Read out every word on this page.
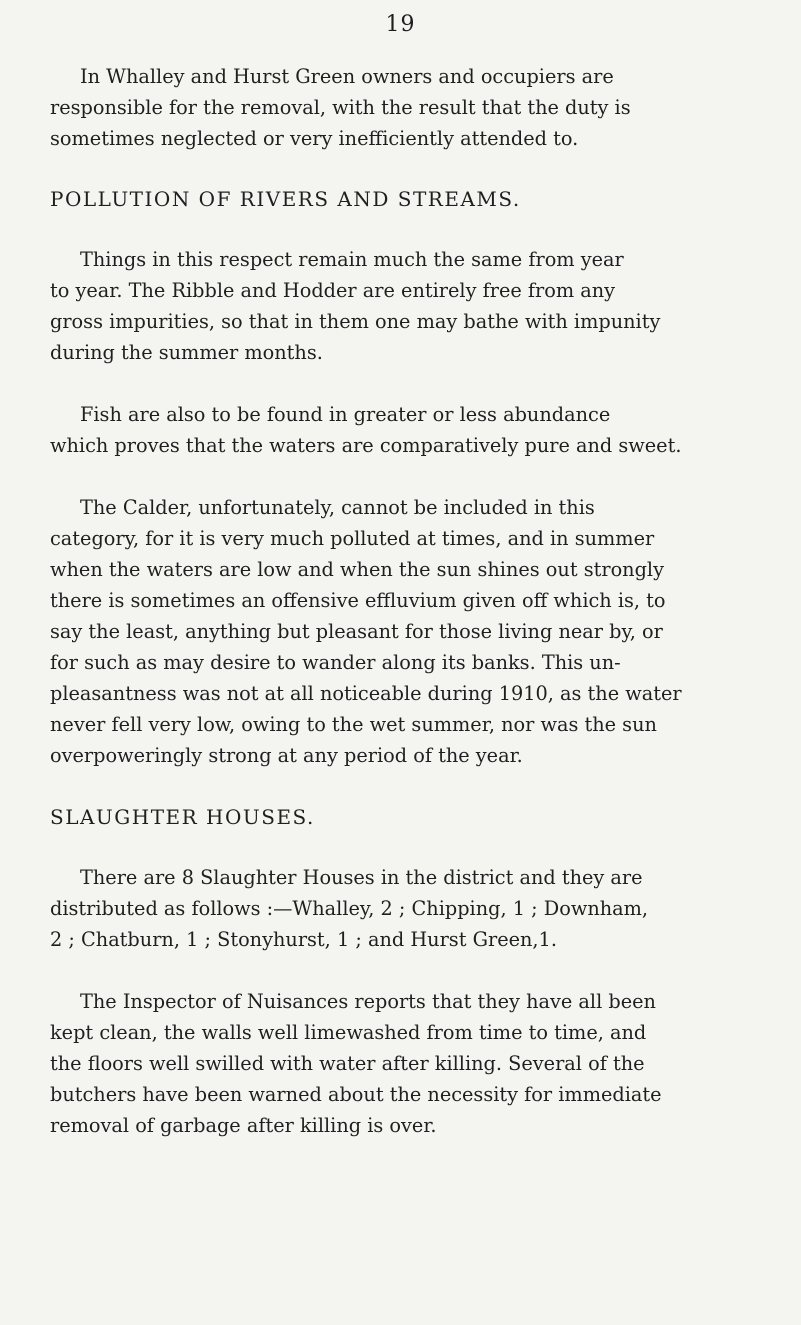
19
In Whalley and Hurst Green owners and occupiers are
responsible for the removal, with the result that the duty is
sometimes neglected or very inefficiently attended to.
POLLUTION OF RIVERS AND STREAMS.
Things in this respect remain much the same from year
to year. The Ribble and Hodder are entirely free from any
gross impurities, so that in them one may bathe with impunity
during the summer months.
Fish are also to be found in greater or less abundance
which proves that the waters are comparatively pure and sweet.
The Calder, unfortunately, cannot be included in this
category, for it is very much polluted at times, and in summer
when the waters are low and when the sun shines out strongly
there is sometimes an offensive effluvium given off which is, to
say the least, anything but pleasant for those living near by, or
for such as may desire to wander along its banks. This un-
pleasantness was not at all noticeable during 1910, as the water
never fell very low, owing to the wet summer, nor was the sun
overpoweringly strong at any period of the year.
SLAUGHTER HOUSES.
There are 8 Slaughter Houses in the district and they are
distributed as follows :—Whalley, 2 ; Chipping, 1 ; Downham,
2 ; Chatburn, 1 ; Stonyhurst, 1 ; and Hurst Green,1.
The Inspector of Nuisances reports that they have all been
kept clean, the walls well limewashed from time to time, and
the floors well swilled with water after killing. Several of the
butchers have been warned about the necessity for immediate
removal of garbage after killing is over.
